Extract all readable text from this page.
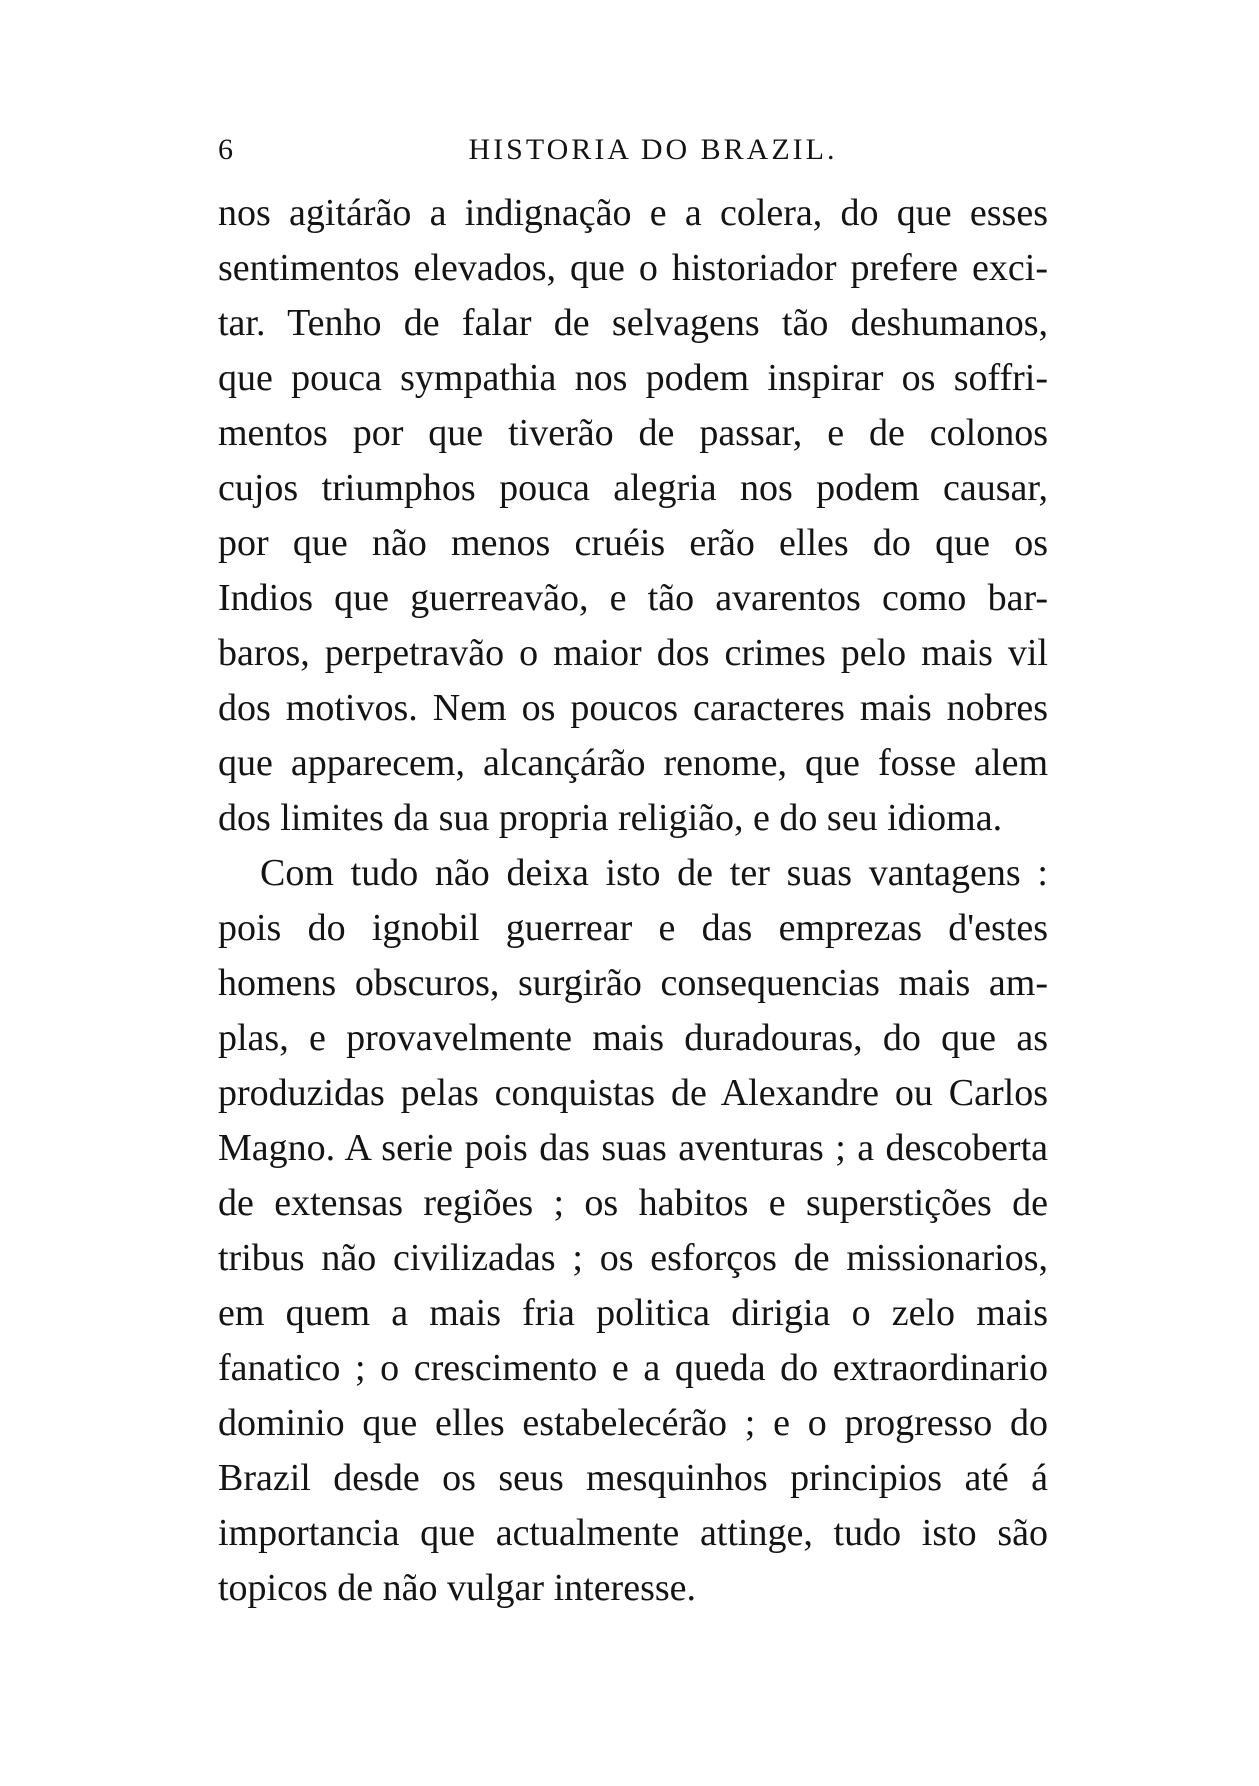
6	HISTORIA DO BRAZIL.
nos agitárão a indignação e a colera, do que esses
sentimentos elevados, que o historiador prefere exci-
tar. Tenho de falar de selvagens tão deshumanos,
que pouca sympathia nos podem inspirar os soffri-
mentos por que tiverão de passar, e de colonos
cujos triumphos pouca alegria nos podem causar,
por que não menos cruéis erão elles do que os
Indios que guerreavão, e tão avarentos como bar-
baros, perpetravão o maior dos crimes pelo mais vil
dos motivos. Nem os poucos caracteres mais nobres
que apparecem, alcançárão renome, que fosse alem
dos limites da sua propria religião, e do seu idioma.
Com tudo não deixa isto de ter suas vantagens :
pois do ignobil guerrear e das emprezas d'estes
homens obscuros, surgirão consequencias mais am-
plas, e provavelmente mais duradouras, do que as
produzidas pelas conquistas de Alexandre ou Carlos
Magno. A serie pois das suas aventuras ; a descoberta
de extensas regiões ; os habitos e superstições de
tribus não civilizadas ; os esforços de missionarios,
em quem a mais fria politica dirigia o zelo mais
fanatico ; o crescimento e a queda do extraordinario
dominio que elles estabelecérão ; e o progresso do
Brazil desde os seus mesquinhos principios até á
importancia que actualmente attinge, tudo isto são
topicos de não vulgar interesse.
